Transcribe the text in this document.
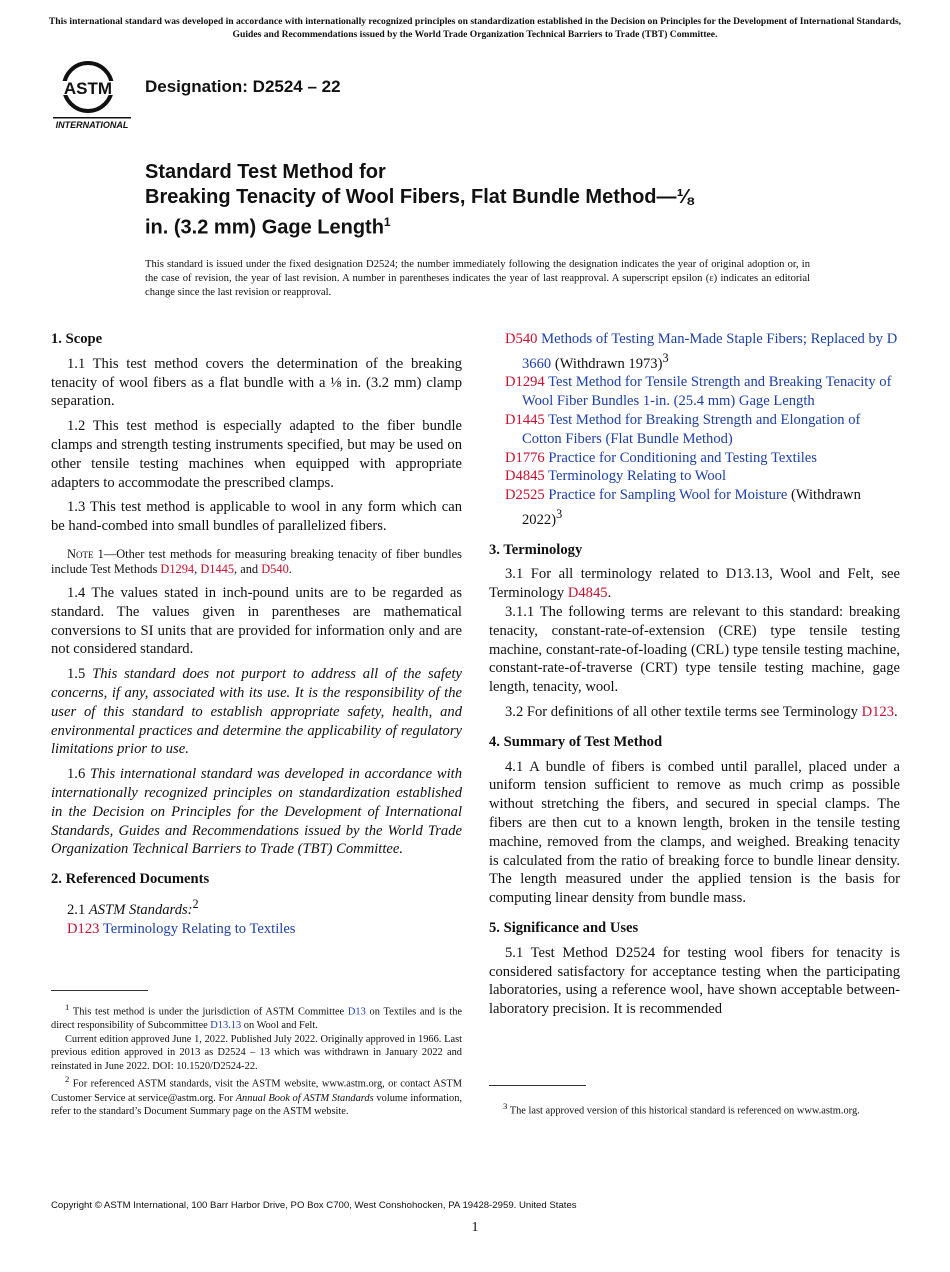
This international standard was developed in accordance with internationally recognized principles on standardization established in the Decision on Principles for the Development of International Standards, Guides and Recommendations issued by the World Trade Organization Technical Barriers to Trade (TBT) Committee.
ASTM
INTERNATIONAL
Designation: D2524 – 22
Standard Test Method for
Breaking Tenacity of Wool Fibers, Flat Bundle Method—⅛
in. (3.2 mm) Gage Length$^1$
This standard is issued under the fixed designation D2524; the number immediately following the designation indicates the year of original adoption or, in the case of revision, the year of last revision. A number in parentheses indicates the year of last reapproval. A superscript epsilon (ε) indicates an editorial change since the last revision or reapproval.

1. Scope

1.1 This test method covers the determination of the breaking tenacity of wool fibers as a flat bundle with a ⅛ in. (3.2 mm) clamp separation.

1.2 This test method is especially adapted to the fiber bundle clamps and strength testing instruments specified, but may be used on other tensile testing machines when equipped with appropriate adapters to accommodate the prescribed clamps.

1.3 This test method is applicable to wool in any form which can be hand-combed into small bundles of parallelized fibers.

Note 1—Other test methods for measuring breaking tenacity of fiber bundles include Test Methods D1294, D1445, and D540.

1.4 The values stated in inch-pound units are to be regarded as standard. The values given in parentheses are mathematical conversions to SI units that are provided for information only and are not considered standard.

1.5 This standard does not purport to address all of the safety concerns, if any, associated with its use. It is the responsibility of the user of this standard to establish appropriate safety, health, and environmental practices and determine the applicability of regulatory limitations prior to use.

1.6 This international standard was developed in accordance with internationally recognized principles on standardization established in the Decision on Principles for the Development of International Standards, Guides and Recommendations issued by the World Trade Organization Technical Barriers to Trade (TBT) Committee.

2. Referenced Documents

2.1 ASTM Standards:$^2$

D123 Terminology Relating to Textiles

$^1$ This test method is under the jurisdiction of ASTM Committee D13 on Textiles and is the direct responsibility of Subcommittee D13.13 on Wool and Felt.

Current edition approved June 1, 2022. Published July 2022. Originally approved in 1966. Last previous edition approved in 2013 as D2524 – 13 which was withdrawn in January 2022 and reinstated in June 2022. DOI: 10.1520/D2524-22.

$^2$ For referenced ASTM standards, visit the ASTM website, www.astm.org, or contact ASTM Customer Service at service@astm.org. For Annual Book of ASTM Standards volume information, refer to the standard’s Document Summary page on the ASTM website.

D540 Methods of Testing Man-Made Staple Fibers; Replaced by D 3660 (Withdrawn 1973)$^3$

D1294 Test Method for Tensile Strength and Breaking Tenacity of Wool Fiber Bundles 1-in. (25.4 mm) Gage Length

D1445 Test Method for Breaking Strength and Elongation of Cotton Fibers (Flat Bundle Method)

D1776 Practice for Conditioning and Testing Textiles

D4845 Terminology Relating to Wool

D2525 Practice for Sampling Wool for Moisture (Withdrawn 2022)$^3$

3. Terminology

3.1 For all terminology related to D13.13, Wool and Felt, see Terminology D4845.

3.1.1 The following terms are relevant to this standard: breaking tenacity, constant-rate-of-extension (CRE) type tensile testing machine, constant-rate-of-loading (CRL) type tensile testing machine, constant-rate-of-traverse (CRT) type tensile testing machine, gage length, tenacity, wool.

3.2 For definitions of all other textile terms see Terminology D123.

4. Summary of Test Method

4.1 A bundle of fibers is combed until parallel, placed under a uniform tension sufficient to remove as much crimp as possible without stretching the fibers, and secured in special clamps. The fibers are then cut to a known length, broken in the tensile testing machine, removed from the clamps, and weighed. Breaking tenacity is calculated from the ratio of breaking force to bundle linear density. The length measured under the applied tension is the basis for computing linear density from bundle mass.

5. Significance and Uses

5.1 Test Method D2524 for testing wool fibers for tenacity is considered satisfactory for acceptance testing when the participating laboratories, using a reference wool, have shown acceptable between-laboratory precision. It is recommended

$^3$ The last approved version of this historical standard is referenced on www.astm.org.

Copyright © ASTM International, 100 Barr Harbor Drive, PO Box C700, West Conshohocken, PA 19428-2959. United States
1
